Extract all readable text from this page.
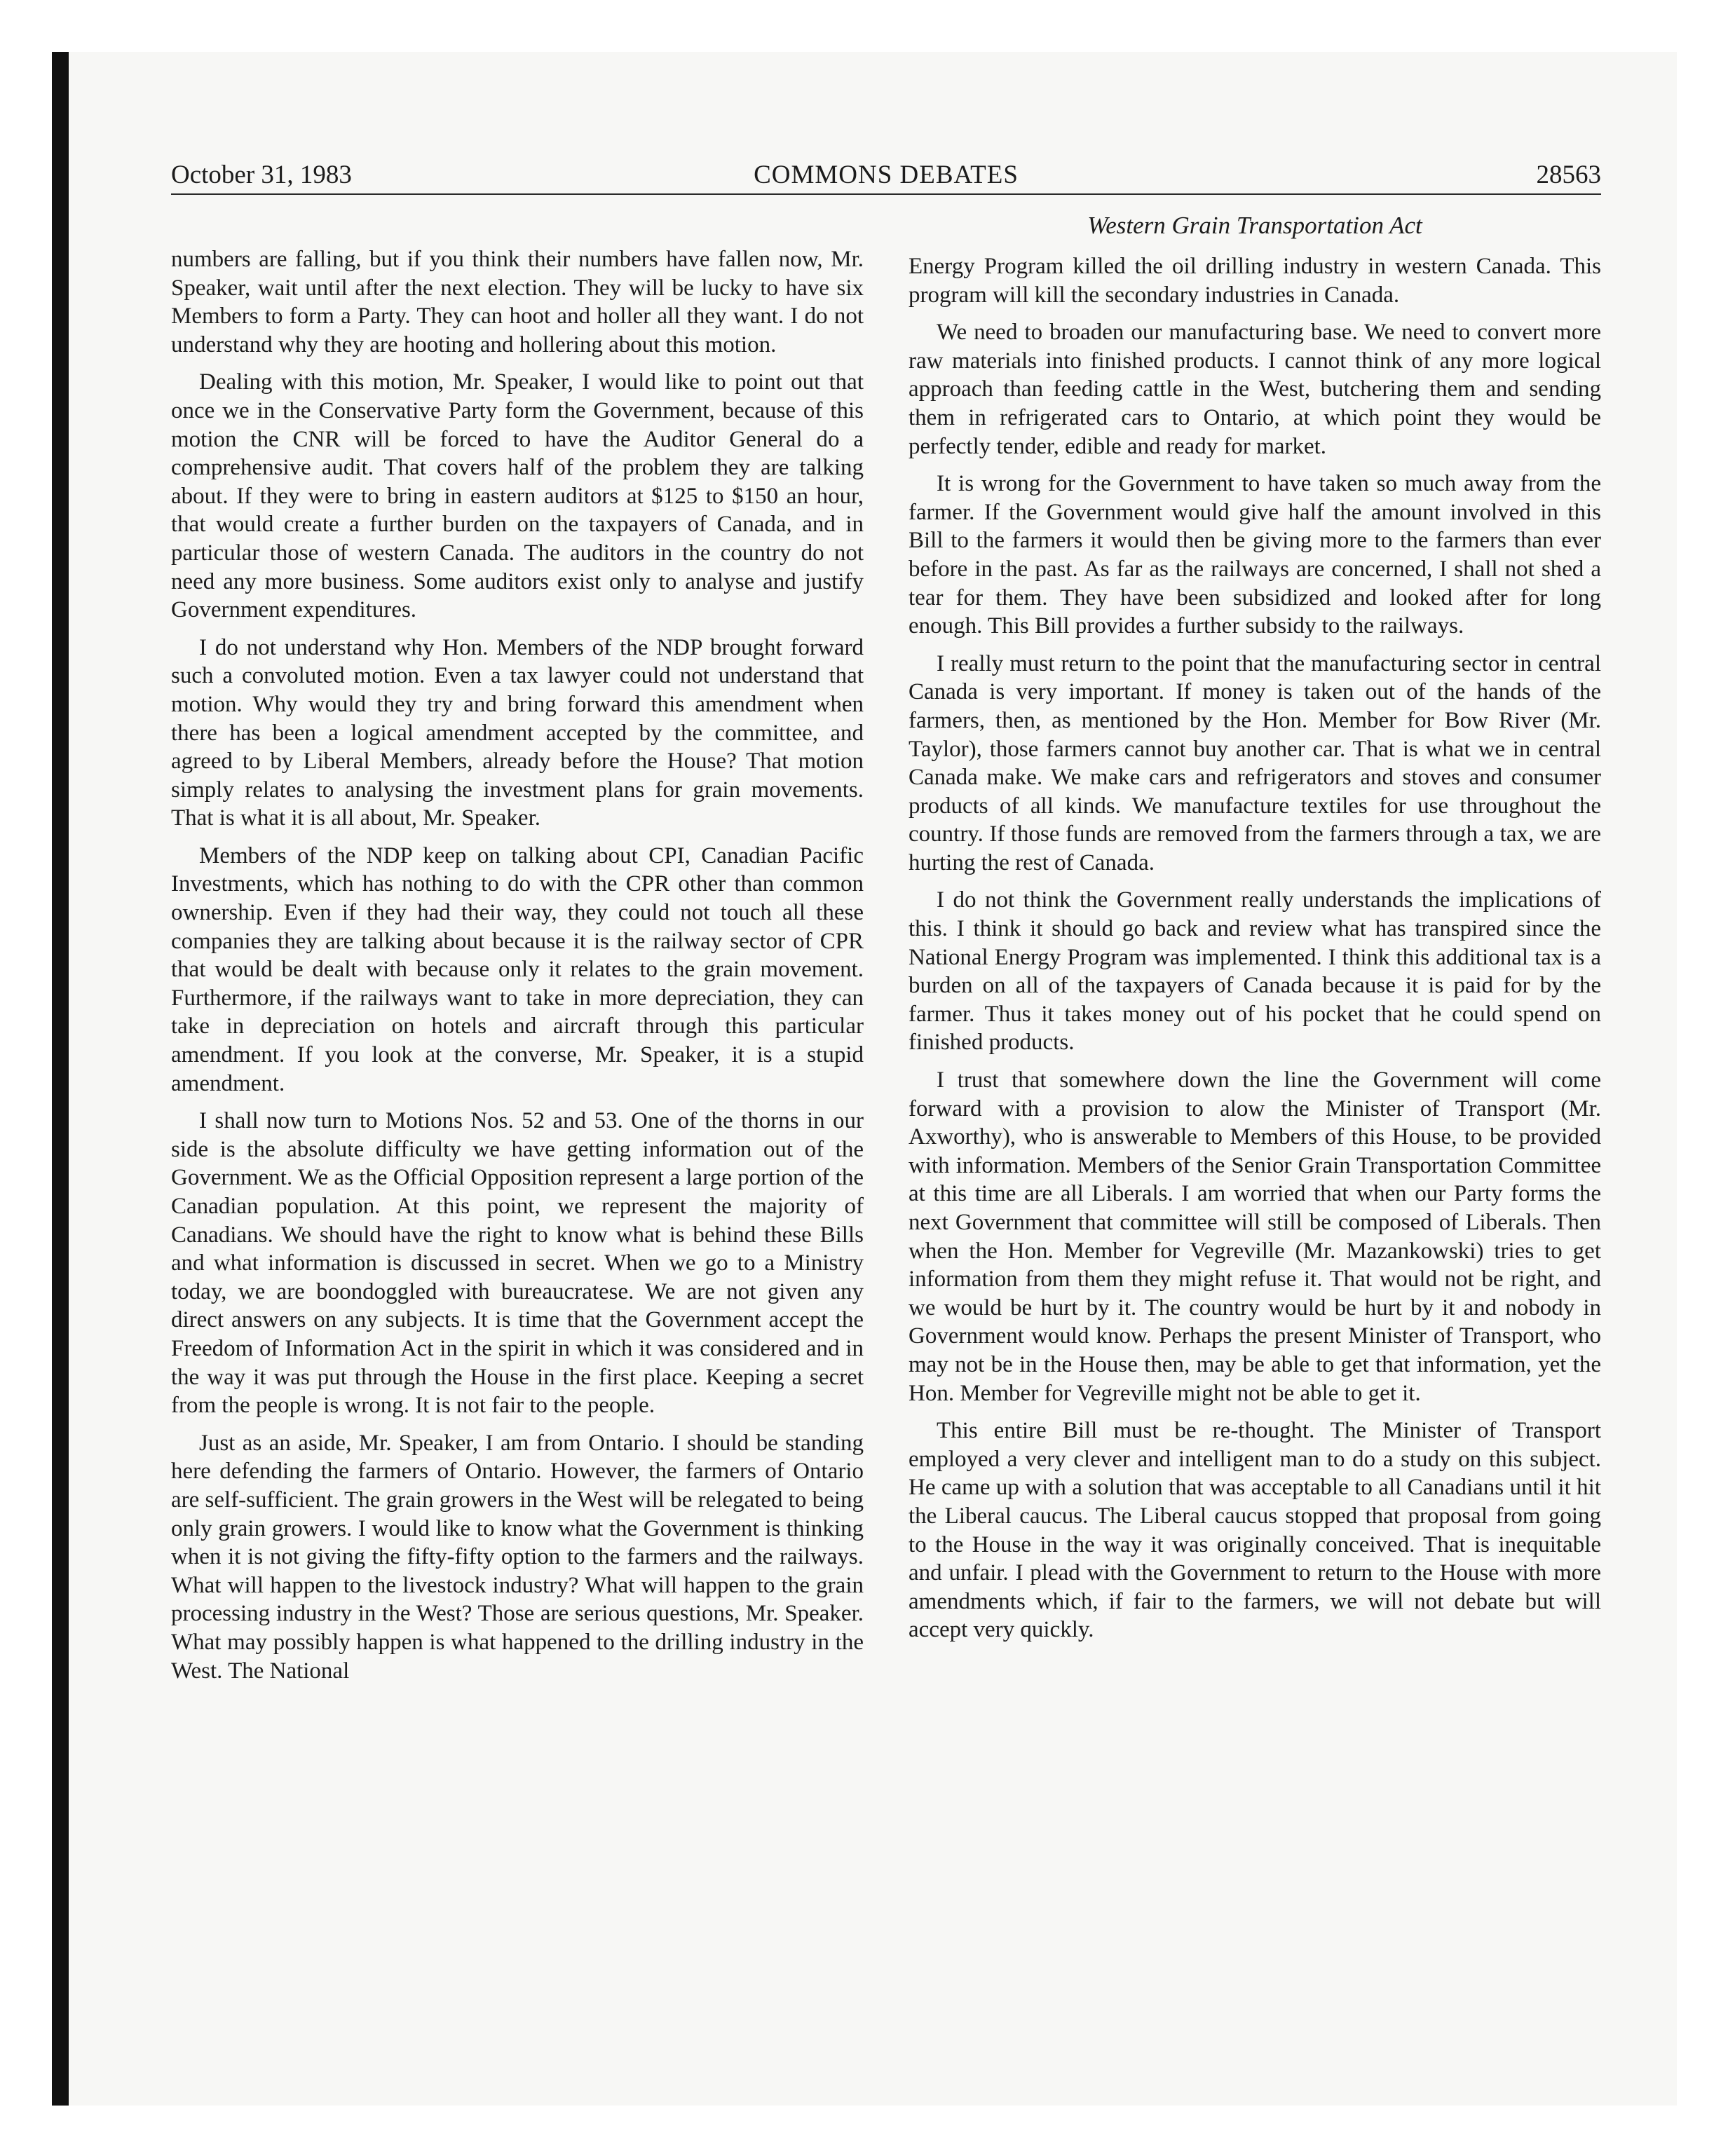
October 31, 1983	COMMONS DEBATES	28563
Western Grain Transportation Act

numbers are falling, but if you think their numbers have fallen now, Mr. Speaker, wait until after the next election. They will be lucky to have six Members to form a Party. They can hoot and holler all they want. I do not understand why they are hooting and hollering about this motion.

Dealing with this motion, Mr. Speaker, I would like to point out that once we in the Conservative Party form the Government, because of this motion the CNR will be forced to have the Auditor General do a comprehensive audit. That covers half of the problem they are talking about. If they were to bring in eastern auditors at $125 to $150 an hour, that would create a further burden on the taxpayers of Canada, and in particular those of western Canada. The auditors in the country do not need any more business. Some auditors exist only to analyse and justify Government expenditures.

I do not understand why Hon. Members of the NDP brought forward such a convoluted motion. Even a tax lawyer could not understand that motion. Why would they try and bring forward this amendment when there has been a logical amendment accepted by the committee, and agreed to by Liberal Members, already before the House? That motion simply relates to analysing the investment plans for grain movements. That is what it is all about, Mr. Speaker.

Members of the NDP keep on talking about CPI, Canadian Pacific Investments, which has nothing to do with the CPR other than common ownership. Even if they had their way, they could not touch all these companies they are talking about because it is the railway sector of CPR that would be dealt with because only it relates to the grain movement. Furthermore, if the railways want to take in more depreciation, they can take in depreciation on hotels and aircraft through this particular amendment. If you look at the converse, Mr. Speaker, it is a stupid amendment.

I shall now turn to Motions Nos. 52 and 53. One of the thorns in our side is the absolute difficulty we have getting information out of the Government. We as the Official Opposition represent a large portion of the Canadian population. At this point, we represent the majority of Canadians. We should have the right to know what is behind these Bills and what information is discussed in secret. When we go to a Ministry today, we are boondoggled with bureaucratese. We are not given any direct answers on any subjects. It is time that the Government accept the Freedom of Information Act in the spirit in which it was considered and in the way it was put through the House in the first place. Keeping a secret from the people is wrong. It is not fair to the people.

Just as an aside, Mr. Speaker, I am from Ontario. I should be standing here defending the farmers of Ontario. However, the farmers of Ontario are self-sufficient. The grain growers in the West will be relegated to being only grain growers. I would like to know what the Government is thinking when it is not giving the fifty-fifty option to the farmers and the railways. What will happen to the livestock industry? What will happen to the grain processing industry in the West? Those are serious questions, Mr. Speaker. What may possibly happen is what happened to the drilling industry in the West. The National

Energy Program killed the oil drilling industry in western Canada. This program will kill the secondary industries in Canada.

We need to broaden our manufacturing base. We need to convert more raw materials into finished products. I cannot think of any more logical approach than feeding cattle in the West, butchering them and sending them in refrigerated cars to Ontario, at which point they would be perfectly tender, edible and ready for market.

It is wrong for the Government to have taken so much away from the farmer. If the Government would give half the amount involved in this Bill to the farmers it would then be giving more to the farmers than ever before in the past. As far as the railways are concerned, I shall not shed a tear for them. They have been subsidized and looked after for long enough. This Bill provides a further subsidy to the railways.

I really must return to the point that the manufacturing sector in central Canada is very important. If money is taken out of the hands of the farmers, then, as mentioned by the Hon. Member for Bow River (Mr. Taylor), those farmers cannot buy another car. That is what we in central Canada make. We make cars and refrigerators and stoves and consumer products of all kinds. We manufacture textiles for use throughout the country. If those funds are removed from the farmers through a tax, we are hurting the rest of Canada.

I do not think the Government really understands the implications of this. I think it should go back and review what has transpired since the National Energy Program was implemented. I think this additional tax is a burden on all of the taxpayers of Canada because it is paid for by the farmer. Thus it takes money out of his pocket that he could spend on finished products.

I trust that somewhere down the line the Government will come forward with a provision to alow the Minister of Transport (Mr. Axworthy), who is answerable to Members of this House, to be provided with information. Members of the Senior Grain Transportation Committee at this time are all Liberals. I am worried that when our Party forms the next Government that committee will still be composed of Liberals. Then when the Hon. Member for Vegreville (Mr. Mazankowski) tries to get information from them they might refuse it. That would not be right, and we would be hurt by it. The country would be hurt by it and nobody in Government would know. Perhaps the present Minister of Transport, who may not be in the House then, may be able to get that information, yet the Hon. Member for Vegreville might not be able to get it.

This entire Bill must be re-thought. The Minister of Transport employed a very clever and intelligent man to do a study on this subject. He came up with a solution that was acceptable to all Canadians until it hit the Liberal caucus. The Liberal caucus stopped that proposal from going to the House in the way it was originally conceived. That is inequitable and unfair. I plead with the Government to return to the House with more amendments which, if fair to the farmers, we will not debate but will accept very quickly.
